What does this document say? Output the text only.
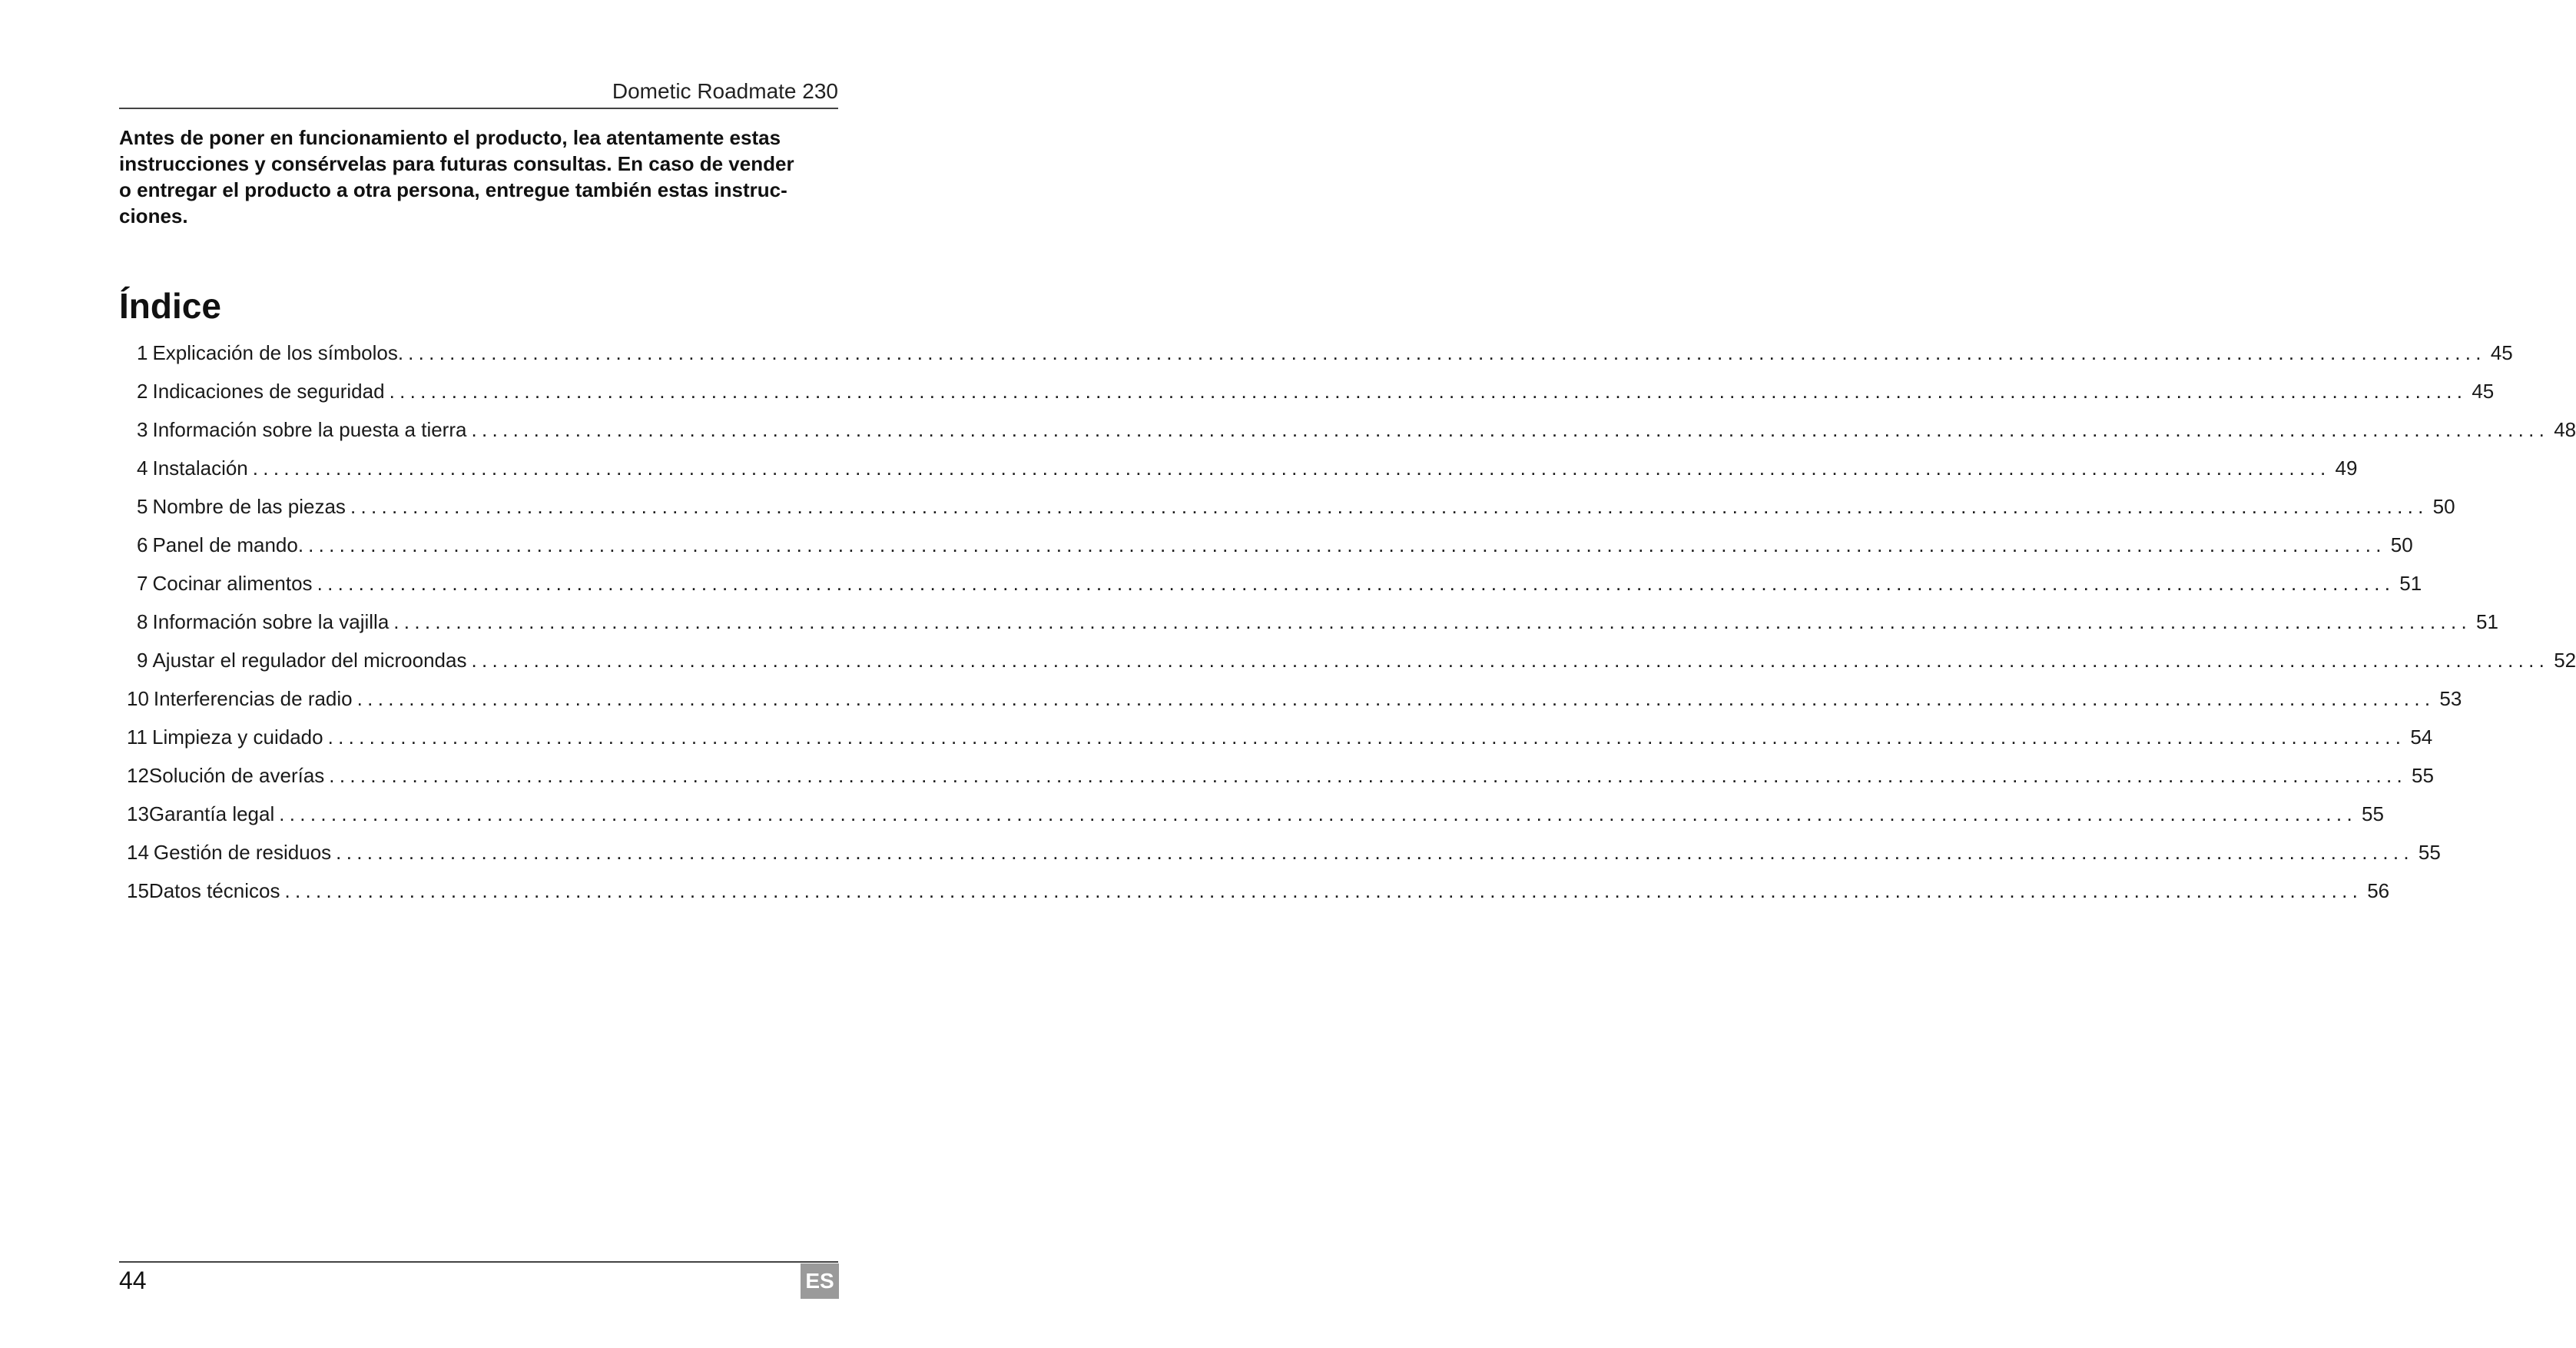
Dometic Roadmate 230
Antes de poner en funcionamiento el producto, lea atentamente estas
instrucciones y consérvelas para futuras consultas. En caso de vender
o entregar el producto a otra persona, entregue también estas instruc-
ciones.
Índice
1 Explicación de los símbolos. ........................................................................................................................................................................................................ 45
2 Indicaciones de seguridad ........................................................................................................................................................................................................ 45
3 Información sobre la puesta a tierra ........................................................................................................................................................................................................ 48
4 Instalación ........................................................................................................................................................................................................ 49
5 Nombre de las piezas ........................................................................................................................................................................................................ 50
6 Panel de mando. ........................................................................................................................................................................................................ 50
7 Cocinar alimentos ........................................................................................................................................................................................................ 51
8 Información sobre la vajilla ........................................................................................................................................................................................................ 51
9 Ajustar el regulador del microondas ........................................................................................................................................................................................................ 52
10 Interferencias de radio ........................................................................................................................................................................................................ 53
11 Limpieza y cuidado ........................................................................................................................................................................................................ 54
12 Solución de averías ........................................................................................................................................................................................................ 55
13 Garantía legal ........................................................................................................................................................................................................ 55
14 Gestión de residuos ........................................................................................................................................................................................................ 55
15 Datos técnicos ........................................................................................................................................................................................................ 56
44	ES
